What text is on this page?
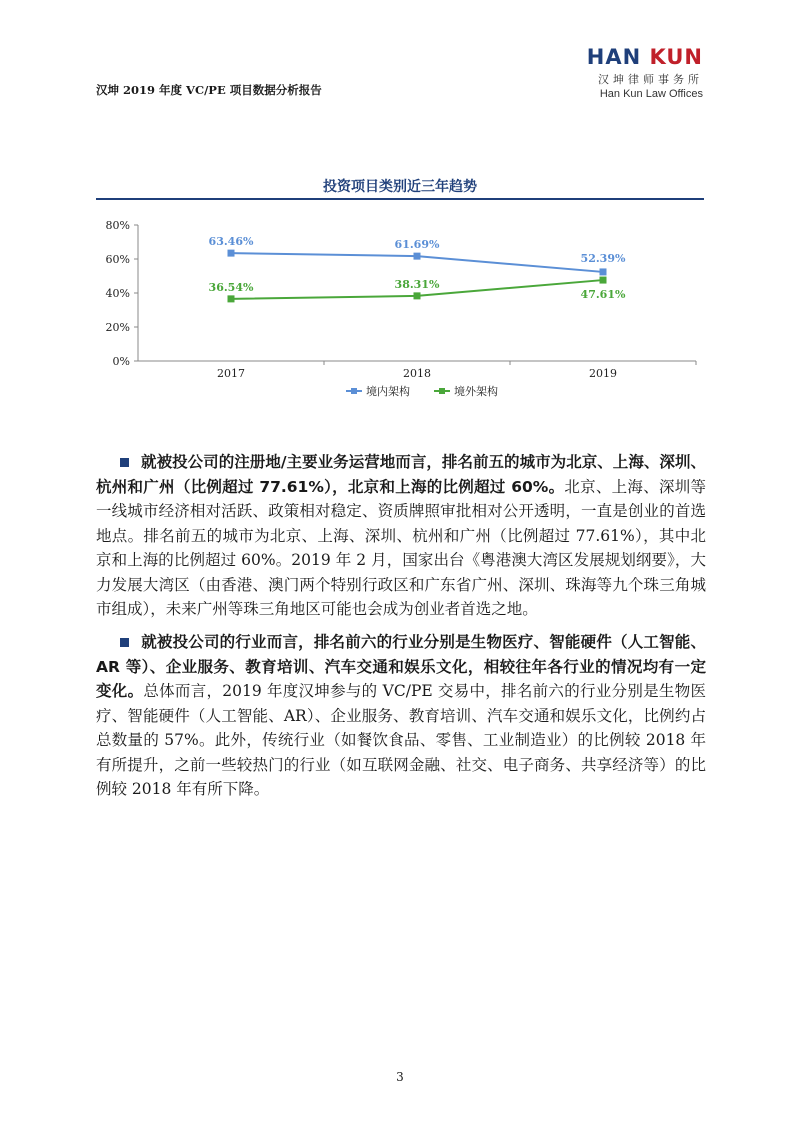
汉坤 2019 年度 VC/PE 项目数据分析报告
HAN KUN
汉坤律师事务所
Han Kun Law Offices
投资项目类别近三年趋势
0%
20%
40%
60%
80%
2017	2018	2019
63.46%	61.69%
52.39%
36.54%	38.31%
47.61%
境内架构	境外架构
就被投公司的注册地/主要业务运营地而言，排名前五的城市为北京、上海、深圳、杭州和广州（比例超过 77.61%），北京和上海的比例超过 60%。北京、上海、深圳等一线城市经济相对活跃、政策相对稳定、资质牌照审批相对公开透明，一直是创业的首选地点。排名前五的城市为北京、上海、深圳、杭州和广州（比例超过 77.61%），其中北京和上海的比例超过 60%。2019 年 2 月，国家出台《粤港澳大湾区发展规划纲要》，大力发展大湾区（由香港、澳门两个特别行政区和广东省广州、深圳、珠海等九个珠三角城市组成），未来广州等珠三角地区可能也会成为创业者首选之地。
就被投公司的行业而言，排名前六的行业分别是生物医疗、智能硬件（人工智能、AR 等）、企业服务、教育培训、汽车交通和娱乐文化，相较往年各行业的情况均有一定变化。总体而言，2019 年度汉坤参与的 VC/PE 交易中，排名前六的行业分别是生物医疗、智能硬件（人工智能、AR）、企业服务、教育培训、汽车交通和娱乐文化，比例约占总数量的 57%。此外，传统行业（如餐饮食品、零售、工业制造业）的比例较 2018 年有所提升，之前一些较热门的行业（如互联网金融、社交、电子商务、共享经济等）的比例较 2018 年有所下降。
3
